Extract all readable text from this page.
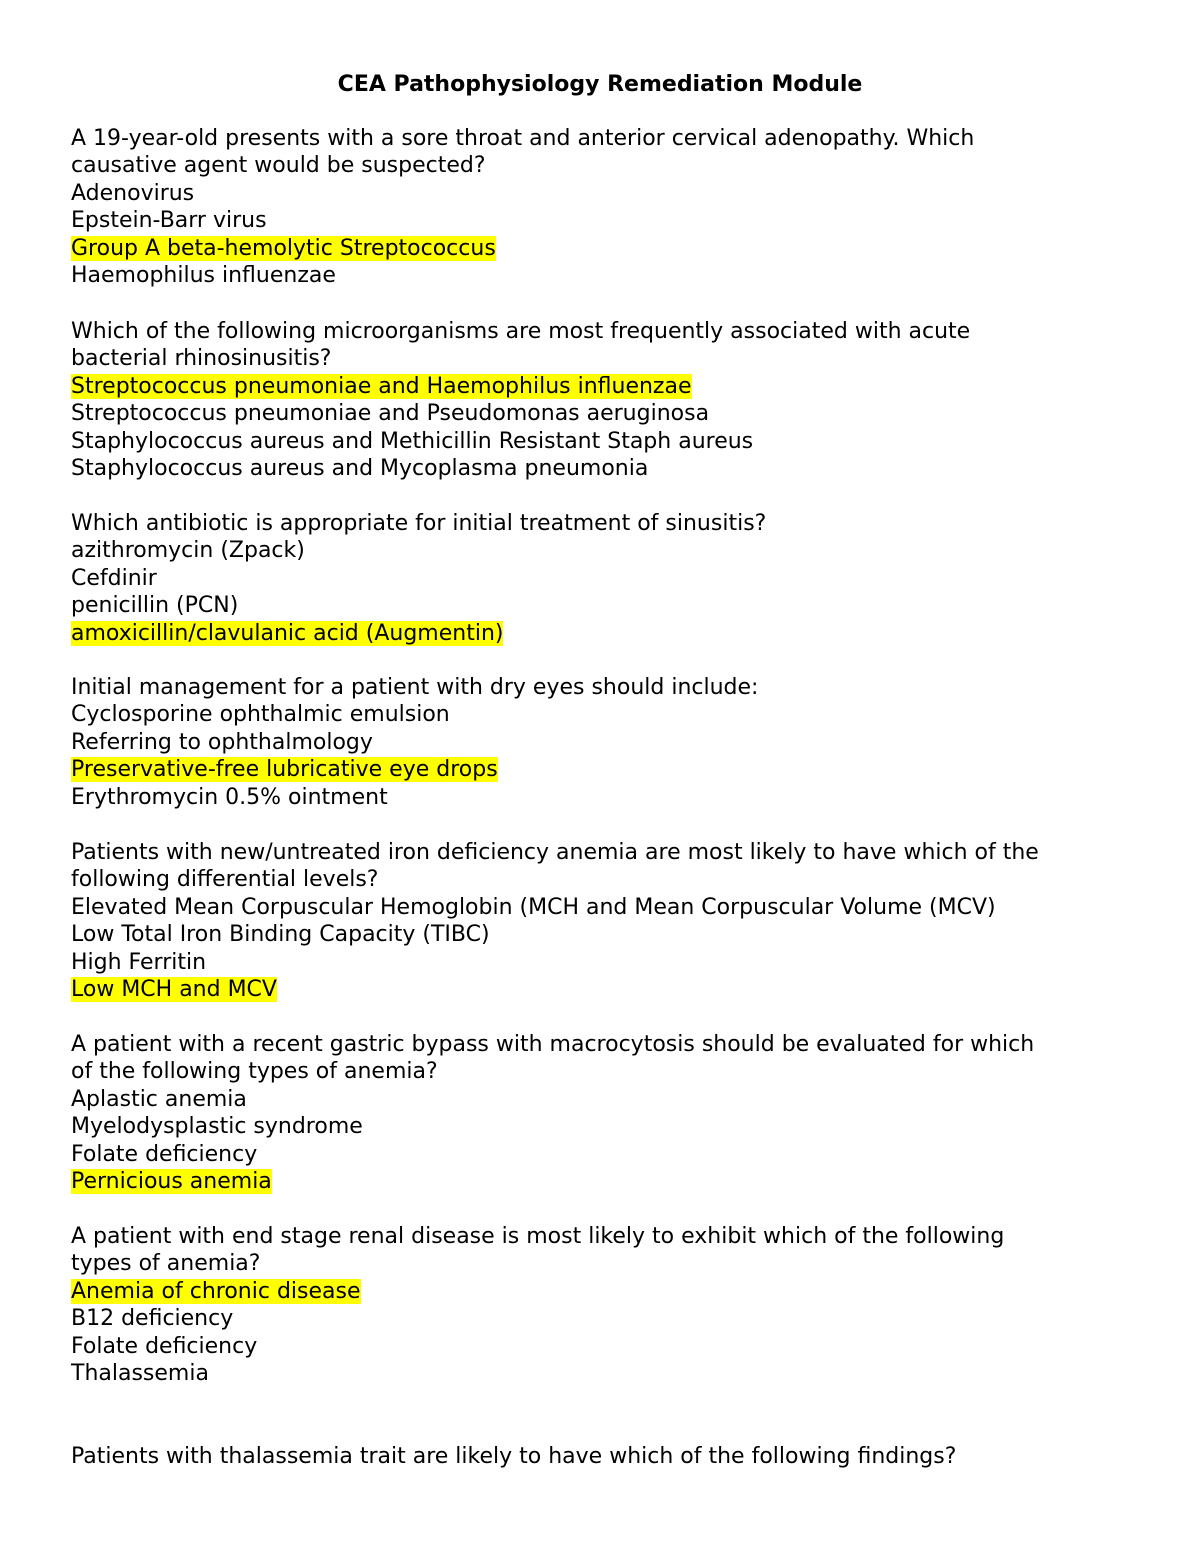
CEA Pathophysiology Remediation Module
A 19-year-old presents with a sore throat and anterior cervical adenopathy. Which
causative agent would be suspected?
Adenovirus
Epstein-Barr virus
Group A beta-hemolytic Streptococcus
Haemophilus influenzae
Which of the following microorganisms are most frequently associated with acute
bacterial rhinosinusitis?
Streptococcus pneumoniae and Haemophilus influenzae
Streptococcus pneumoniae and Pseudomonas aeruginosa
Staphylococcus aureus and Methicillin Resistant Staph aureus
Staphylococcus aureus and Mycoplasma pneumonia
Which antibiotic is appropriate for initial treatment of sinusitis?
azithromycin (Zpack)
Cefdinir
penicillin (PCN)
amoxicillin/clavulanic acid (Augmentin)
Initial management for a patient with dry eyes should include:
Cyclosporine ophthalmic emulsion
Referring to ophthalmology
Preservative-free lubricative eye drops
Erythromycin 0.5% ointment
Patients with new/untreated iron deficiency anemia are most likely to have which of the
following differential levels?
Elevated Mean Corpuscular Hemoglobin (MCH and Mean Corpuscular Volume (MCV)
Low Total Iron Binding Capacity (TIBC)
High Ferritin
Low MCH and MCV
A patient with a recent gastric bypass with macrocytosis should be evaluated for which
of the following types of anemia?
Aplastic anemia
Myelodysplastic syndrome
Folate deficiency
Pernicious anemia
A patient with end stage renal disease is most likely to exhibit which of the following
types of anemia?
Anemia of chronic disease
B12 deficiency
Folate deficiency
Thalassemia
Patients with thalassemia trait are likely to have which of the following findings?
